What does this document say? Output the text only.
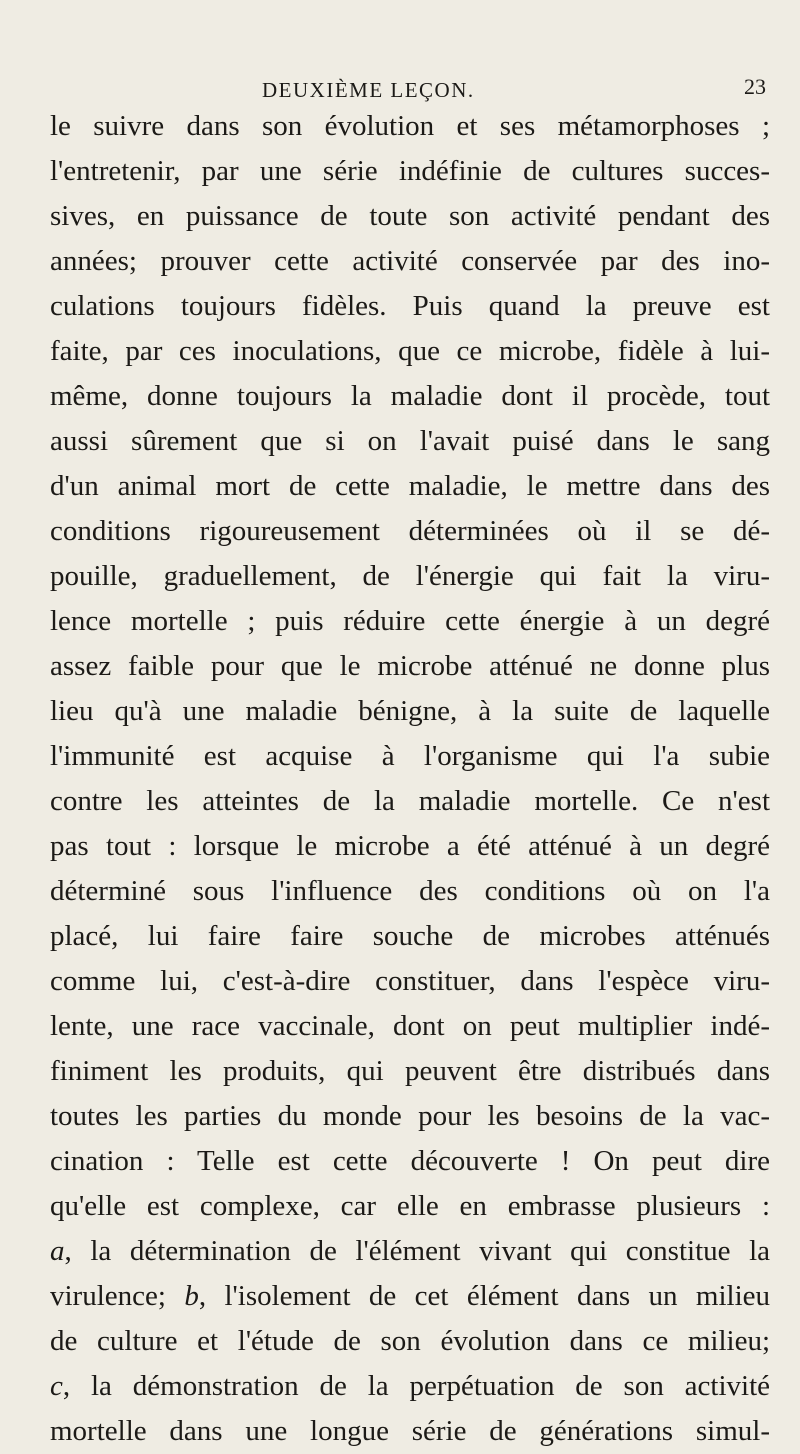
DEUXIÈME LEÇON.	23
le suivre dans son évolution et ses métamorphoses ;
l'entretenir, par une série indéfinie de cultures succes-
sives, en puissance de toute son activité pendant des
années; prouver cette activité conservée par des ino-
culations toujours fidèles. Puis quand la preuve est
faite, par ces inoculations, que ce microbe, fidèle à lui-
même, donne toujours la maladie dont il procède, tout
aussi sûrement que si on l'avait puisé dans le sang
d'un animal mort de cette maladie, le mettre dans des
conditions rigoureusement déterminées où il se dé-
pouille, graduellement, de l'énergie qui fait la viru-
lence mortelle ; puis réduire cette énergie à un degré
assez faible pour que le microbe atténué ne donne plus
lieu qu'à une maladie bénigne, à la suite de laquelle
l'immunité est acquise à l'organisme qui l'a subie
contre les atteintes de la maladie mortelle. Ce n'est
pas tout : lorsque le microbe a été atténué à un degré
déterminé sous l'influence des conditions où on l'a
placé, lui faire faire souche de microbes atténués
comme lui, c'est-à-dire constituer, dans l'espèce viru-
lente, une race vaccinale, dont on peut multiplier indé-
finiment les produits, qui peuvent être distribués dans
toutes les parties du monde pour les besoins de la vac-
cination : Telle est cette découverte ! On peut dire
qu'elle est complexe, car elle en embrasse plusieurs :
a, la détermination de l'élément vivant qui constitue la
virulence; b, l'isolement de cet élément dans un milieu
de culture et l'étude de son évolution dans ce milieu;
c, la démonstration de la perpétuation de son activité
mortelle dans une longue série de générations simul-
